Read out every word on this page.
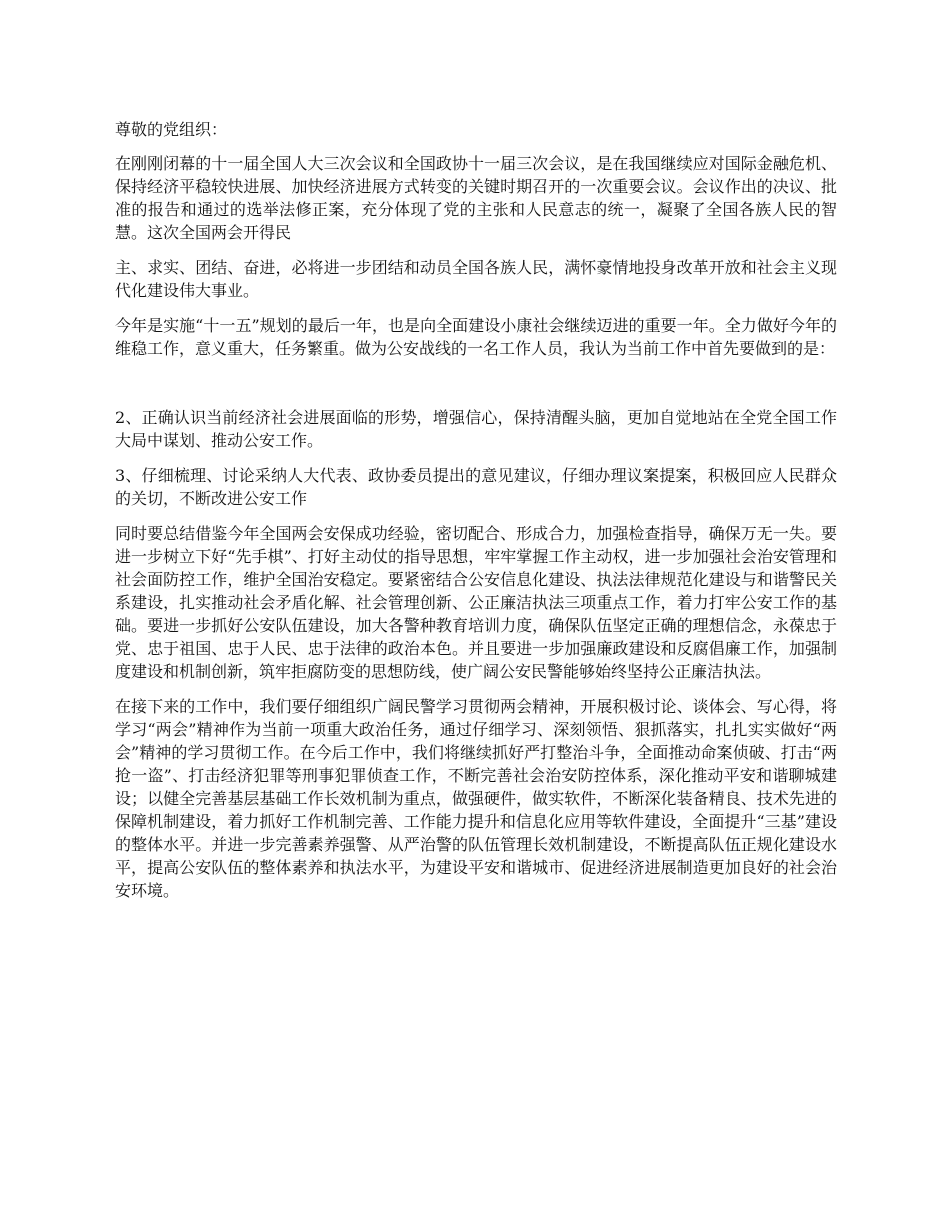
尊敬的党组织：

在刚刚闭幕的十一届全国人大三次会议和全国政协十一届三次会议，是在我国继续应对国际金融危机、保持经济平稳较快进展、加快经济进展方式转变的关键时期召开的一次重要会议。会议作出的决议、批准的报告和通过的选举法修正案，充分体现了党的主张和人民意志的统一，凝聚了全国各族人民的智慧。这次全国两会开得民

主、求实、团结、奋进，必将进一步团结和动员全国各族人民，满怀豪情地投身改革开放和社会主义现代化建设伟大事业。

今年是实施“十一五”规划的最后一年，也是向全面建设小康社会继续迈进的重要一年。全力做好今年的维稳工作，意义重大，任务繁重。做为公安战线的一名工作人员，我认为当前工作中首先要做到的是：

2、正确认识当前经济社会进展面临的形势，增强信心，保持清醒头脑，更加自觉地站在全党全国工作大局中谋划、推动公安工作。

3、仔细梳理、讨论采纳人大代表、政协委员提出的意见建议，仔细办理议案提案，积极回应人民群众的关切，不断改进公安工作

同时要总结借鉴今年全国两会安保成功经验，密切配合、形成合力，加强检查指导，确保万无一失。要进一步树立下好“先手棋”、打好主动仗的指导思想，牢牢掌握工作主动权，进一步加强社会治安管理和社会面防控工作，维护全国治安稳定。要紧密结合公安信息化建设、执法法律规范化建设与和谐警民关系建设，扎实推动社会矛盾化解、社会管理创新、公正廉洁执法三项重点工作，着力打牢公安工作的基础。要进一步抓好公安队伍建设，加大各警种教育培训力度，确保队伍坚定正确的理想信念，永葆忠于党、忠于祖国、忠于人民、忠于法律的政治本色。并且要进一步加强廉政建设和反腐倡廉工作，加强制度建设和机制创新，筑牢拒腐防变的思想防线，使广阔公安民警能够始终坚持公正廉洁执法。

在接下来的工作中，我们要仔细组织广阔民警学习贯彻两会精神，开展积极讨论、谈体会、写心得，将学习“两会”精神作为当前一项重大政治任务，通过仔细学习、深刻领悟、狠抓落实，扎扎实实做好“两会”精神的学习贯彻工作。在今后工作中，我们将继续抓好严打整治斗争，全面推动命案侦破、打击“两抢一盗”、打击经济犯罪等刑事犯罪侦查工作，不断完善社会治安防控体系，深化推动平安和谐聊城建设；以健全完善基层基础工作长效机制为重点，做强硬件，做实软件，不断深化装备精良、技术先进的保障机制建设，着力抓好工作机制完善、工作能力提升和信息化应用等软件建设，全面提升“三基”建设的整体水平。并进一步完善素养强警、从严治警的队伍管理长效机制建设，不断提高队伍正规化建设水平，提高公安队伍的整体素养和执法水平，为建设平安和谐城市、促进经济进展制造更加良好的社会治安环境。
